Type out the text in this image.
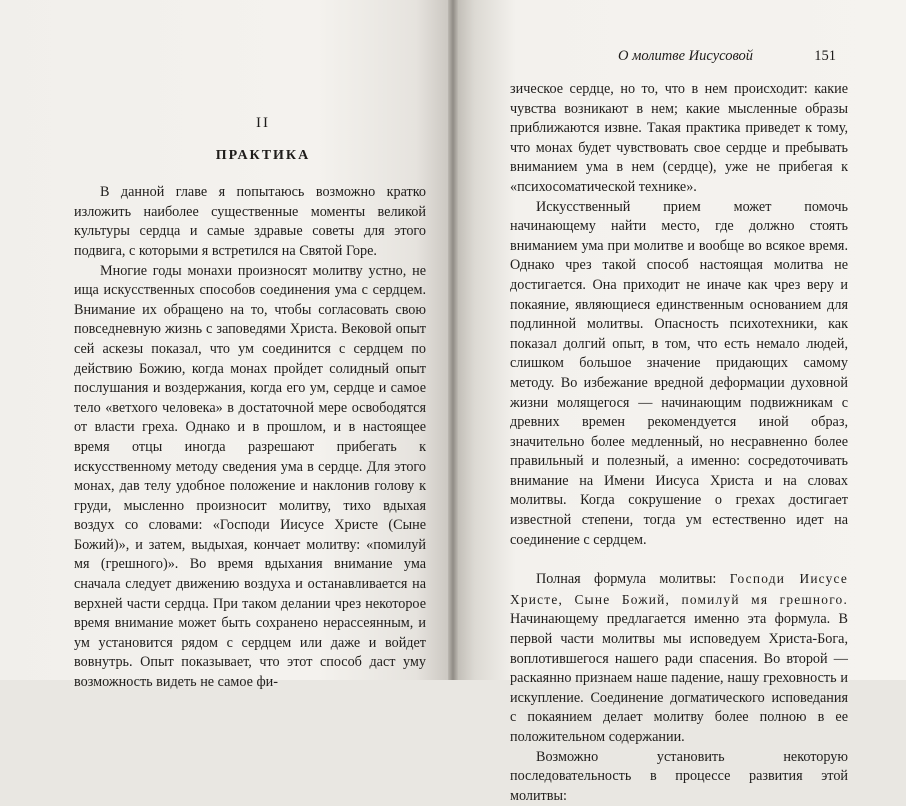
II
ПРАКТИКА

В данной главе я попытаюсь возможно кратко изложить наиболее существенные моменты великой культуры сердца и самые здравые советы для этого подвига, с которыми я встретился на Святой Горе.

Многие годы монахи произносят молитву устно, не ища искусственных способов соединения ума с сердцем. Внимание их обращено на то, чтобы согласовать свою повседневную жизнь с заповедями Христа. Вековой опыт сей аскезы показал, что ум соединится с сердцем по действию Божию, когда монах пройдет солидный опыт послушания и воздержания, когда его ум, сердце и самое тело «ветхого человека» в достаточной мере освободятся от власти греха. Однако и в прошлом, и в настоящее время отцы иногда разрешают прибегать к искусственному методу сведения ума в сердце. Для этого монах, дав телу удобное положение и наклонив голову к груди, мысленно произносит молитву, тихо вдыхая воздух со словами: «Господи Иисусе Христе (Сыне Божий)», и затем, выдыхая, кончает молитву: «помилуй мя (грешного)». Во время вдыхания внимание ума сначала следует движению воздуха и останавливается на верхней части сердца. При таком делании чрез некоторое время внимание может быть сохранено нерассеянным, и ум установится рядом с сердцем или даже и войдет вовнутрь. Опыт показывает, что этот способ даст уму возможность видеть не самое фи-

О молитве Иисусовой	151

зическое сердце, но то, что в нем происходит: какие чувства возникают в нем; какие мысленные образы приближаются извне. Такая практика приведет к тому, что монах будет чувствовать свое сердце и пребывать вниманием ума в нем (сердце), уже не прибегая к «психосоматической технике».

Искусственный прием может помочь начинающему найти место, где должно стоять вниманием ума при молитве и вообще во всякое время. Однако чрез такой способ настоящая молитва не достигается. Она приходит не иначе как чрез веру и покаяние, являющиеся единственным основанием для подлинной молитвы. Опасность психотехники, как показал долгий опыт, в том, что есть немало людей, слишком большое значение придающих самому методу. Во избежание вредной деформации духовной жизни молящегося — начинающим подвижникам с древних времен рекомендуется иной образ, значительно более медленный, но несравненно более правильный и полезный, а именно: сосредоточивать внимание на Имени Иисуса Христа и на словах молитвы. Когда сокрушение о грехах достигает известной степени, тогда ум естественно идет на соединение с сердцем.

Полная формула молитвы: Господи Иисусе Христе, Сыне Божий, помилуй мя грешного. Начинающему предлагается именно эта формула. В первой части молитвы мы исповедуем Христа-Бога, воплотившегося нашего ради спасения. Во второй — раскаянно признаем наше падение, нашу греховность и искупление. Соединение догматического исповедания с покаянием делает молитву более полною в ее положительном содержании.

Возможно установить некоторую последовательность в процессе развития этой молитвы:
